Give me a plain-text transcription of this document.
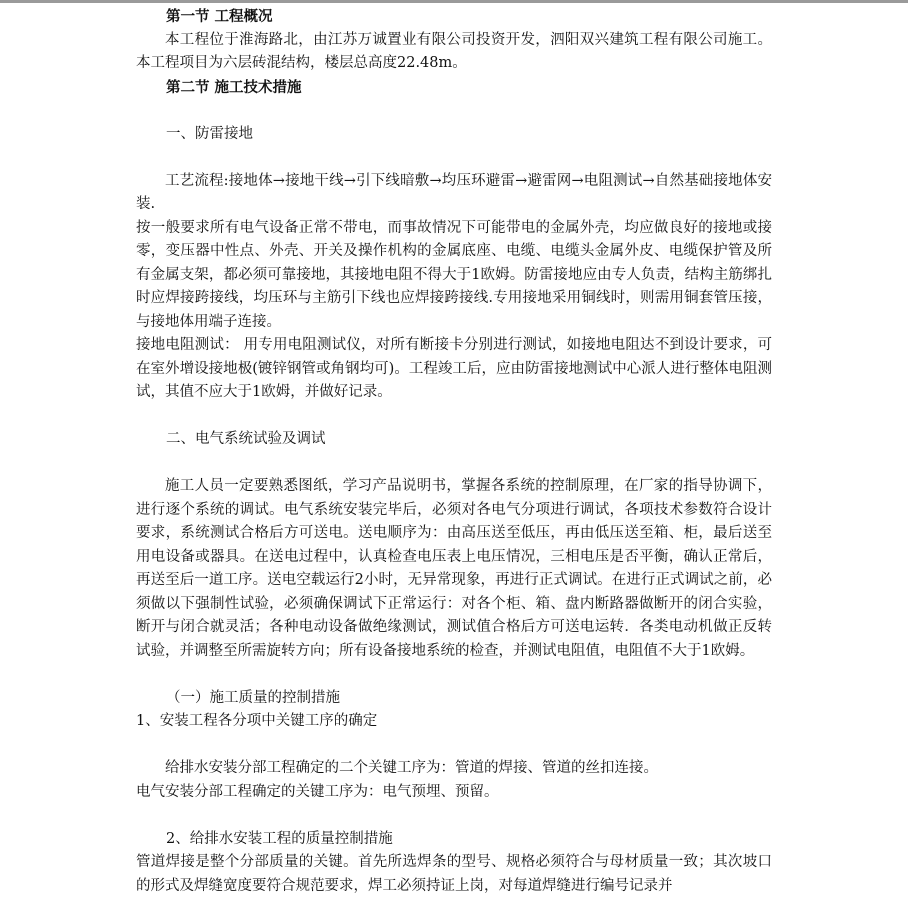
第一节 工程概况

本工程位于淮海路北，由江苏万诚置业有限公司投资开发，泗阳双兴建筑工程有限公司施工。本工程项目为六层砖混结构，楼层总高度22.48m。

第二节 施工技术措施

一、防雷接地

工艺流程:接地体→接地干线→引下线暗敷→均压环避雷→避雷网→电阻测试→自然基础接地体安装.

按一般要求所有电气设备正常不带电，而事故情况下可能带电的金属外壳，均应做良好的接地或接零，变压器中性点、外壳、开关及操作机构的金属底座、电缆、电缆头金属外皮、电缆保护管及所有金属支架，都必须可靠接地，其接地电阻不得大于1欧姆。防雷接地应由专人负责，结构主筋绑扎时应焊接跨接线，均压环与主筋引下线也应焊接跨接线.专用接地采用铜线时，则需用铜套管压接，与接地体用端子连接。

接地电阻测试： 用专用电阻测试仪，对所有断接卡分别进行测试，如接地电阻达不到设计要求，可在室外增设接地极(镀锌钢管或角钢均可)。工程竣工后，应由防雷接地测试中心派人进行整体电阻测试，其值不应大于1欧姆，并做好记录。

二、电气系统试验及调试

施工人员一定要熟悉图纸，学习产品说明书，掌握各系统的控制原理，在厂家的指导协调下，进行逐个系统的调试。电气系统安装完毕后，必须对各电气分项进行调试，各项技术参数符合设计要求，系统测试合格后方可送电。送电顺序为：由高压送至低压，再由低压送至箱、柜，最后送至用电设备或器具。在送电过程中，认真检查电压表上电压情况，三相电压是否平衡，确认正常后，再送至后一道工序。送电空载运行2小时，无异常现象，再进行正式调试。在进行正式调试之前，必须做以下强制性试验，必须确保调试下正常运行：对各个柜、箱、盘内断路器做断开的闭合实验，断开与闭合就灵活；各种电动设备做绝缘测试，测试值合格后方可送电运转．各类电动机做正反转试验，并调整至所需旋转方向；所有设备接地系统的检查，并测试电阻值，电阻值不大于1欧姆。

（一）施工质量的控制措施

1、安装工程各分项中关键工序的确定

给排水安装分部工程确定的二个关键工序为：管道的焊接、管道的丝扣连接。

电气安装分部工程确定的关键工序为：电气预埋、预留。

2、给排水安装工程的质量控制措施

管道焊接是整个分部质量的关键。首先所选焊条的型号、规格必须符合与母材质量一致；其次坡口的形式及焊缝宽度要符合规范要求，焊工必须持证上岗，对每道焊缝进行编号记录并
